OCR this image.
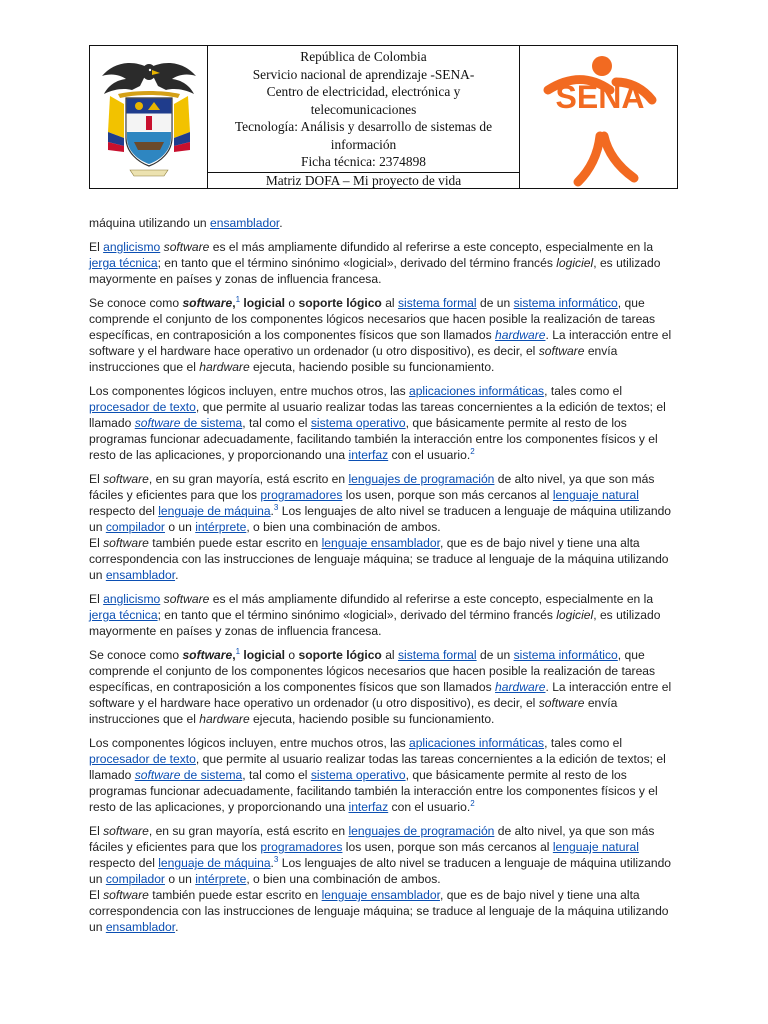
República de Colombia
Servicio nacional de aprendizaje -SENA-
Centro de electricidad, electrónica y
telecomunicaciones
Tecnología: Análisis y desarrollo de sistemas de
información
Ficha técnica: 2374898
Matriz DOFA – Mi proyecto de vida
SENA

máquina utilizando un ensamblador.

El anglicismo software es el más ampliamente difundido al referirse a este concepto, especialmente en la jerga técnica; en tanto que el término sinónimo «logicial», derivado del término francés logiciel, es utilizado mayormente en países y zonas de influencia francesa.

Se conoce como software,$^1$ logicial o soporte lógico al sistema formal de un sistema informático, que comprende el conjunto de los componentes lógicos necesarios que hacen posible la realización de tareas específicas, en contraposición a los componentes físicos que son llamados hardware. La interacción entre el software y el hardware hace operativo un ordenador (u otro dispositivo), es decir, el software envía instrucciones que el hardware ejecuta, haciendo posible su funcionamiento.

Los componentes lógicos incluyen, entre muchos otros, las aplicaciones informáticas, tales como el procesador de texto, que permite al usuario realizar todas las tareas concernientes a la edición de textos; el llamado software de sistema, tal como el sistema operativo, que básicamente permite al resto de los programas funcionar adecuadamente, facilitando también la interacción entre los componentes físicos y el resto de las aplicaciones, y proporcionando una interfaz con el usuario.$^2$

El software, en su gran mayoría, está escrito en lenguajes de programación de alto nivel, ya que son más fáciles y eficientes para que los programadores los usen, porque son más cercanos al lenguaje natural respecto del lenguaje de máquina.$^3$ Los lenguajes de alto nivel se traducen a lenguaje de máquina utilizando un compilador o un intérprete, o bien una combinación de ambos.

El software también puede estar escrito en lenguaje ensamblador, que es de bajo nivel y tiene una alta correspondencia con las instrucciones de lenguaje máquina; se traduce al lenguaje de la máquina utilizando un ensamblador.

El anglicismo software es el más ampliamente difundido al referirse a este concepto, especialmente en la jerga técnica; en tanto que el término sinónimo «logicial», derivado del término francés logiciel, es utilizado mayormente en países y zonas de influencia francesa.

Se conoce como software,$^1$ logicial o soporte lógico al sistema formal de un sistema informático, que comprende el conjunto de los componentes lógicos necesarios que hacen posible la realización de tareas específicas, en contraposición a los componentes físicos que son llamados hardware. La interacción entre el software y el hardware hace operativo un ordenador (u otro dispositivo), es decir, el software envía instrucciones que el hardware ejecuta, haciendo posible su funcionamiento.

Los componentes lógicos incluyen, entre muchos otros, las aplicaciones informáticas, tales como el procesador de texto, que permite al usuario realizar todas las tareas concernientes a la edición de textos; el llamado software de sistema, tal como el sistema operativo, que básicamente permite al resto de los programas funcionar adecuadamente, facilitando también la interacción entre los componentes físicos y el resto de las aplicaciones, y proporcionando una interfaz con el usuario.$^2$

El software, en su gran mayoría, está escrito en lenguajes de programación de alto nivel, ya que son más fáciles y eficientes para que los programadores los usen, porque son más cercanos al lenguaje natural respecto del lenguaje de máquina.$^3$ Los lenguajes de alto nivel se traducen a lenguaje de máquina utilizando un compilador o un intérprete, o bien una combinación de ambos.

El software también puede estar escrito en lenguaje ensamblador, que es de bajo nivel y tiene una alta correspondencia con las instrucciones de lenguaje máquina; se traduce al lenguaje de la máquina utilizando un ensamblador.
